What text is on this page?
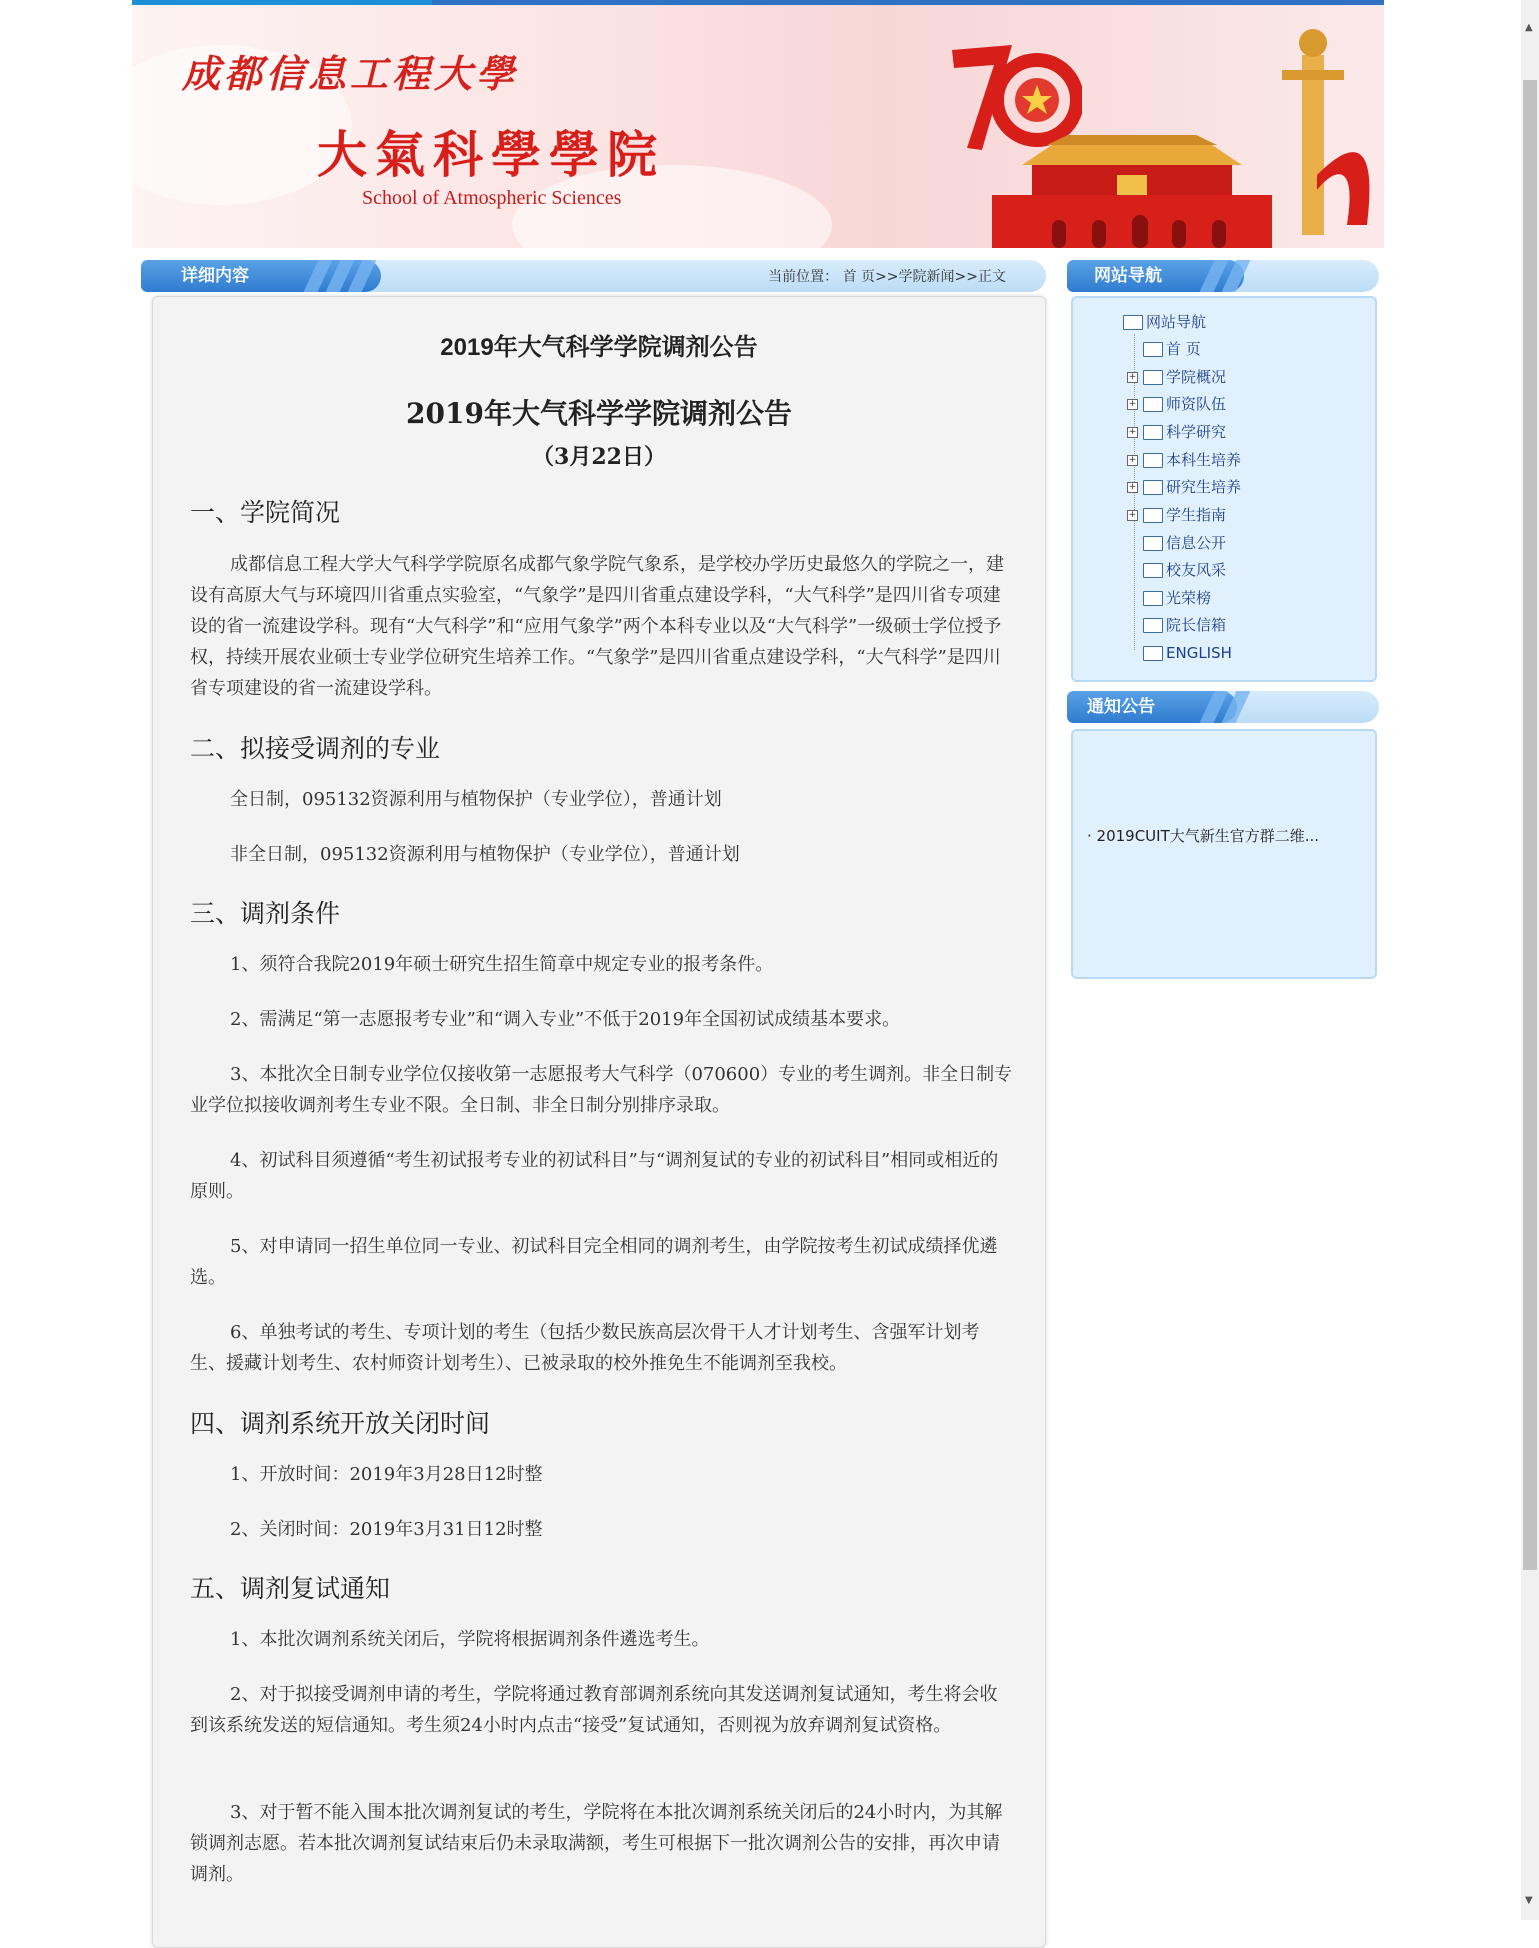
成都信息工程大學
大氣科學學院
School of Atmospheric Sciences
详细内容	当前位置： 首 页>>学院新闻>>正文
2019年大气科学学院调剂公告
2019年大气科学学院调剂公告
（3月22日）
一、学院简况
成都信息工程大学大气科学学院原名成都气象学院气象系，是学校办学历史最悠久的学院之一，建设有高原大气与环境四川省重点实验室，“气象学”是四川省重点建设学科，“大气科学”是四川省专项建设的省一流建设学科。现有“大气科学”和“应用气象学”两个本科专业以及“大气科学”一级硕士学位授予权，持续开展农业硕士专业学位研究生培养工作。“气象学”是四川省重点建设学科，“大气科学”是四川省专项建设的省一流建设学科。
二、拟接受调剂的专业
全日制，095132资源利用与植物保护（专业学位），普通计划
非全日制，095132资源利用与植物保护（专业学位），普通计划
三、调剂条件
1、须符合我院2019年硕士研究生招生简章中规定专业的报考条件。
2、需满足“第一志愿报考专业”和“调入专业”不低于2019年全国初试成绩基本要求。
3、本批次全日制专业学位仅接收第一志愿报考大气科学（070600）专业的考生调剂。非全日制专业学位拟接收调剂考生专业不限。全日制、非全日制分别排序录取。
4、初试科目须遵循“考生初试报考专业的初试科目”与“调剂复试的专业的初试科目”相同或相近的原则。
5、对申请同一招生单位同一专业、初试科目完全相同的调剂考生，由学院按考生初试成绩择优遴选。
6、单独考试的考生、专项计划的考生（包括少数民族高层次骨干人才计划考生、含强军计划考生、援藏计划考生、农村师资计划考生）、已被录取的校外推免生不能调剂至我校。
四、调剂系统开放关闭时间
1、开放时间：2019年3月28日12时整
2、关闭时间：2019年3月31日12时整
五、调剂复试通知
1、本批次调剂系统关闭后，学院将根据调剂条件遴选考生。
2、对于拟接受调剂申请的考生，学院将通过教育部调剂系统向其发送调剂复试通知，考生将会收到该系统发送的短信通知。考生须24小时内点击“接受”复试通知，否则视为放弃调剂复试资格。
3、对于暂不能入围本批次调剂复试的考生，学院将在本批次调剂系统关闭后的24小时内，为其解锁调剂志愿。若本批次调剂复试结束后仍未录取满额，考生可根据下一批次调剂公告的安排，再次申请调剂。
网站导航
网站导航
首 页
+ 学院概况
+ 师资队伍
+ 科学研究
+ 本科生培养
+ 研究生培养
+ 学生指南
信息公开
校友风采
光荣榜
院长信箱
ENGLISH
通知公告
· 2019CUIT大气新生官方群二维...
▲
▼
